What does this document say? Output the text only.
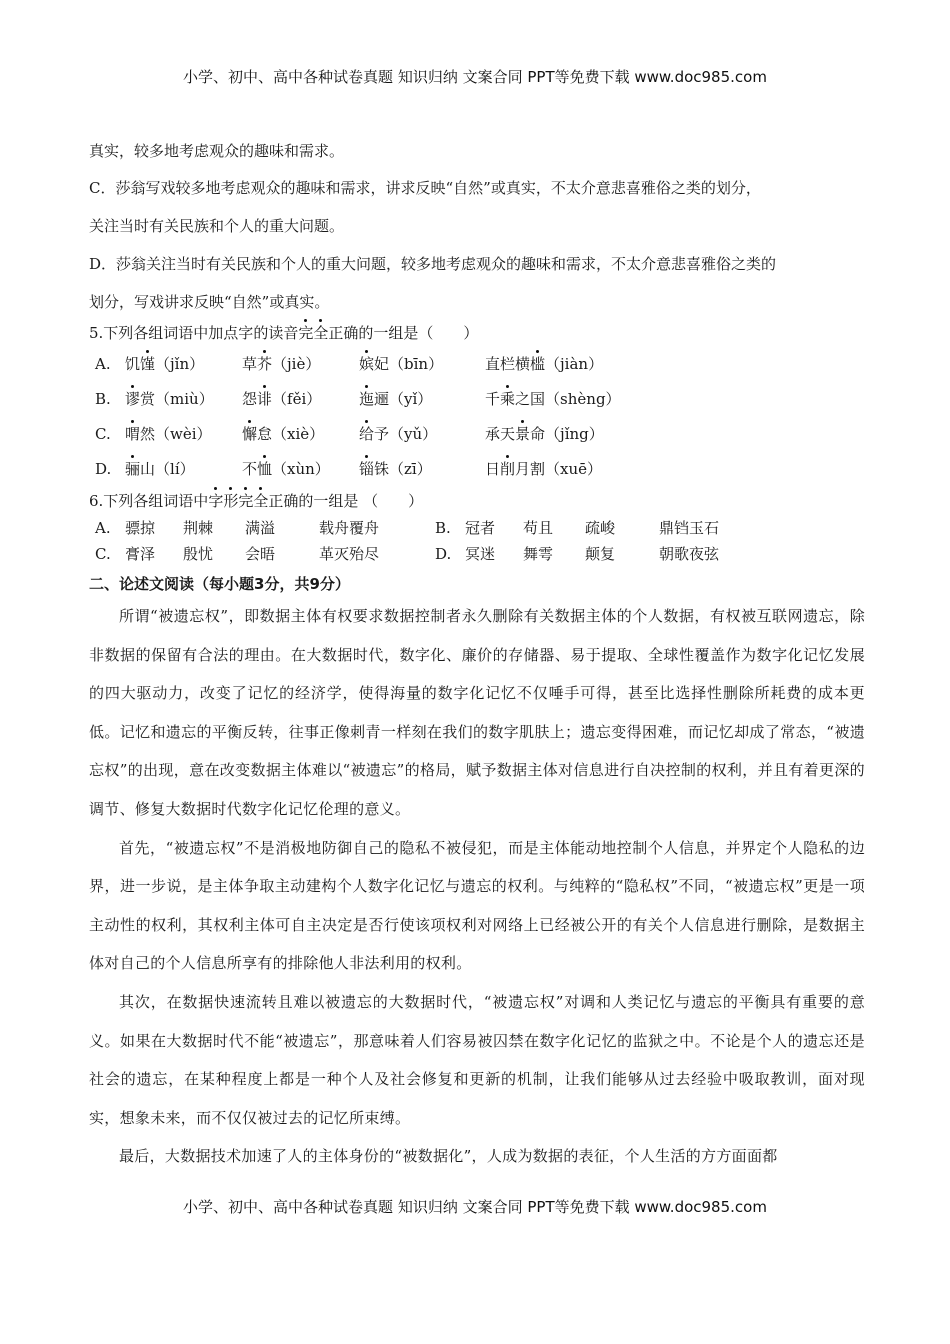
小学、初中、高中各种试卷真题 知识归纳 文案合同 PPT等免费下载 www.doc985.com

真实，较多地考虑观众的趣味和需求。

C．莎翁写戏较多地考虑观众的趣味和需求，讲求反映“自然”或真实，不太介意悲喜雅俗之类的划分，

关注当时有关民族和个人的重大问题。

D．莎翁关注当时有关民族和个人的重大问题，较多地考虑观众的趣味和需求，不太介意悲喜雅俗之类的

划分，写戏讲求反映“自然”或真实。

5.下列各组词语中加点字的读音完全正确的一组是（　　）

A. 饥馑（jǐn）	草芥（jiè）	嫔妃（bīn）	直栏横槛（jiàn）
B. 谬赏（miù）	怨诽（fěi）	迤逦（yǐ）	千乘之国（shèng）
C. 喟然（wèi）	懈怠（xiè）	给予（yǔ）	承天景命（jǐng）
D. 骊山（lí）	不恤（xùn）	锱铢（zī）	日削月割（xuē）

6.下列各组词语中字形完全正确的一组是 （　　）

A. 骠掠	荆棘	满溢	载舟覆舟	B. 冠者	苟且	疏峻	鼎铛玉石
C. 膏泽	殷忧	会晤	革灭殆尽	D. 冥迷	舞雩	颠复	朝歌夜弦

二、论述文阅读（每小题3分，共9分）

所谓“被遗忘权”，即数据主体有权要求数据控制者永久删除有关数据主体的个人数据，有权被互联网遗忘，除非数据的保留有合法的理由。在大数据时代，数字化、廉价的存储器、易于提取、全球性覆盖作为数字化记忆发展的四大驱动力，改变了记忆的经济学，使得海量的数字化记忆不仅唾手可得，甚至比选择性删除所耗费的成本更低。记忆和遗忘的平衡反转，往事正像刺青一样刻在我们的数字肌肤上；遗忘变得困难，而记忆却成了常态，“被遗忘权”的出现，意在改变数据主体难以“被遗忘”的格局，赋予数据主体对信息进行自决控制的权利，并且有着更深的调节、修复大数据时代数字化记忆伦理的意义。

首先，“被遗忘权”不是消极地防御自己的隐私不被侵犯，而是主体能动地控制个人信息，并界定个人隐私的边界，进一步说，是主体争取主动建构个人数字化记忆与遗忘的权利。与纯粹的“隐私权”不同，“被遗忘权”更是一项主动性的权利，其权利主体可自主决定是否行使该项权利对网络上已经被公开的有关个人信息进行删除，是数据主体对自己的个人信息所享有的排除他人非法利用的权利。

其次，在数据快速流转且难以被遗忘的大数据时代，“被遗忘权”对调和人类记忆与遗忘的平衡具有重要的意义。如果在大数据时代不能“被遗忘”，那意味着人们容易被囚禁在数字化记忆的监狱之中。不论是个人的遗忘还是社会的遗忘，在某种程度上都是一种个人及社会修复和更新的机制，让我们能够从过去经验中吸取教训，面对现实，想象未来，而不仅仅被过去的记忆所束缚。

最后，大数据技术加速了人的主体身份的“被数据化”，人成为数据的表征，个人生活的方方面面都

小学、初中、高中各种试卷真题 知识归纳 文案合同 PPT等免费下载 www.doc985.com
